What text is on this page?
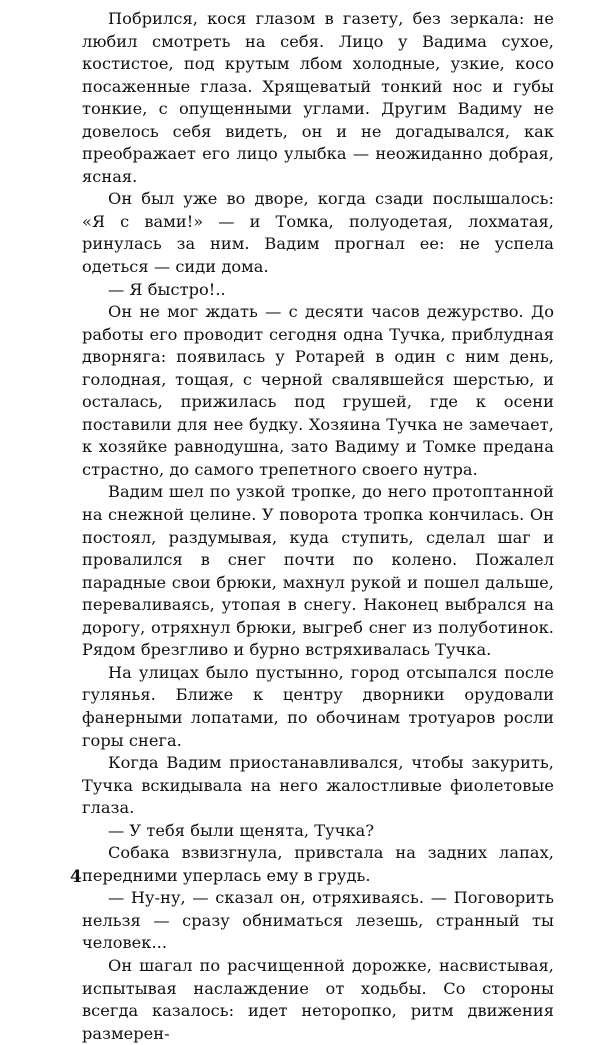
Побрился, кося глазом в газету, без зеркала: не любил смотреть на себя. Лицо у Вадима сухое, костистое, под крутым лбом холодные, узкие, косо посаженные глаза. Хрящеватый тонкий нос и губы тонкие, с опущенными углами. Другим Вадиму не довелось себя видеть, он и не догадывался, как преображает его лицо улыбка — неожиданно добрая, ясная.

Он был уже во дворе, когда сзади послышалось: «Я с вами!» — и Томка, полуодетая, лохматая, ринулась за ним. Вадим прогнал ее: не успела одеться — сиди дома.

— Я быстро!..

Он не мог ждать — с десяти часов дежурство. До работы его проводит сегодня одна Тучка, приблудная дворняга: появилась у Ротарей в один с ним день, голодная, тощая, с черной свалявшейся шерстью, и осталась, прижилась под грушей, где к осени поставили для нее будку. Хозяина Тучка не замечает, к хозяйке равнодушна, зато Вадиму и Томке предана страстно, до самого трепетного своего нутра.

Вадим шел по узкой тропке, до него протоптанной на снежной целине. У поворота тропка кончилась. Он постоял, раздумывая, куда ступить, сделал шаг и провалился в снег почти по колено. Пожалел парадные свои брюки, махнул рукой и пошел дальше, переваливаясь, утопая в снегу. Наконец выбрался на дорогу, отряхнул брюки, выгреб снег из полуботинок. Рядом брезгливо и бурно встряхивалась Тучка.

На улицах было пустынно, город отсыпался после гулянья. Ближе к центру дворники орудовали фанерными лопатами, по обочинам тротуаров росли горы снега.

Когда Вадим приостанавливался, чтобы закурить, Тучка вскидывала на него жалостливые фиолетовые глаза.

— У тебя были щенята, Тучка?

Собака взвизгнула, привстала на задних лапах, передними уперлась ему в грудь.

— Ну-ну, — сказал он, отряхиваясь. — Поговорить нельзя — сразу обниматься лезешь, странный ты человек...

Он шагал по расчищенной дорожке, насвистывая, испытывая наслаждение от ходьбы. Со стороны всегда казалось: идет неторопко, ритм движения размерен-

4
